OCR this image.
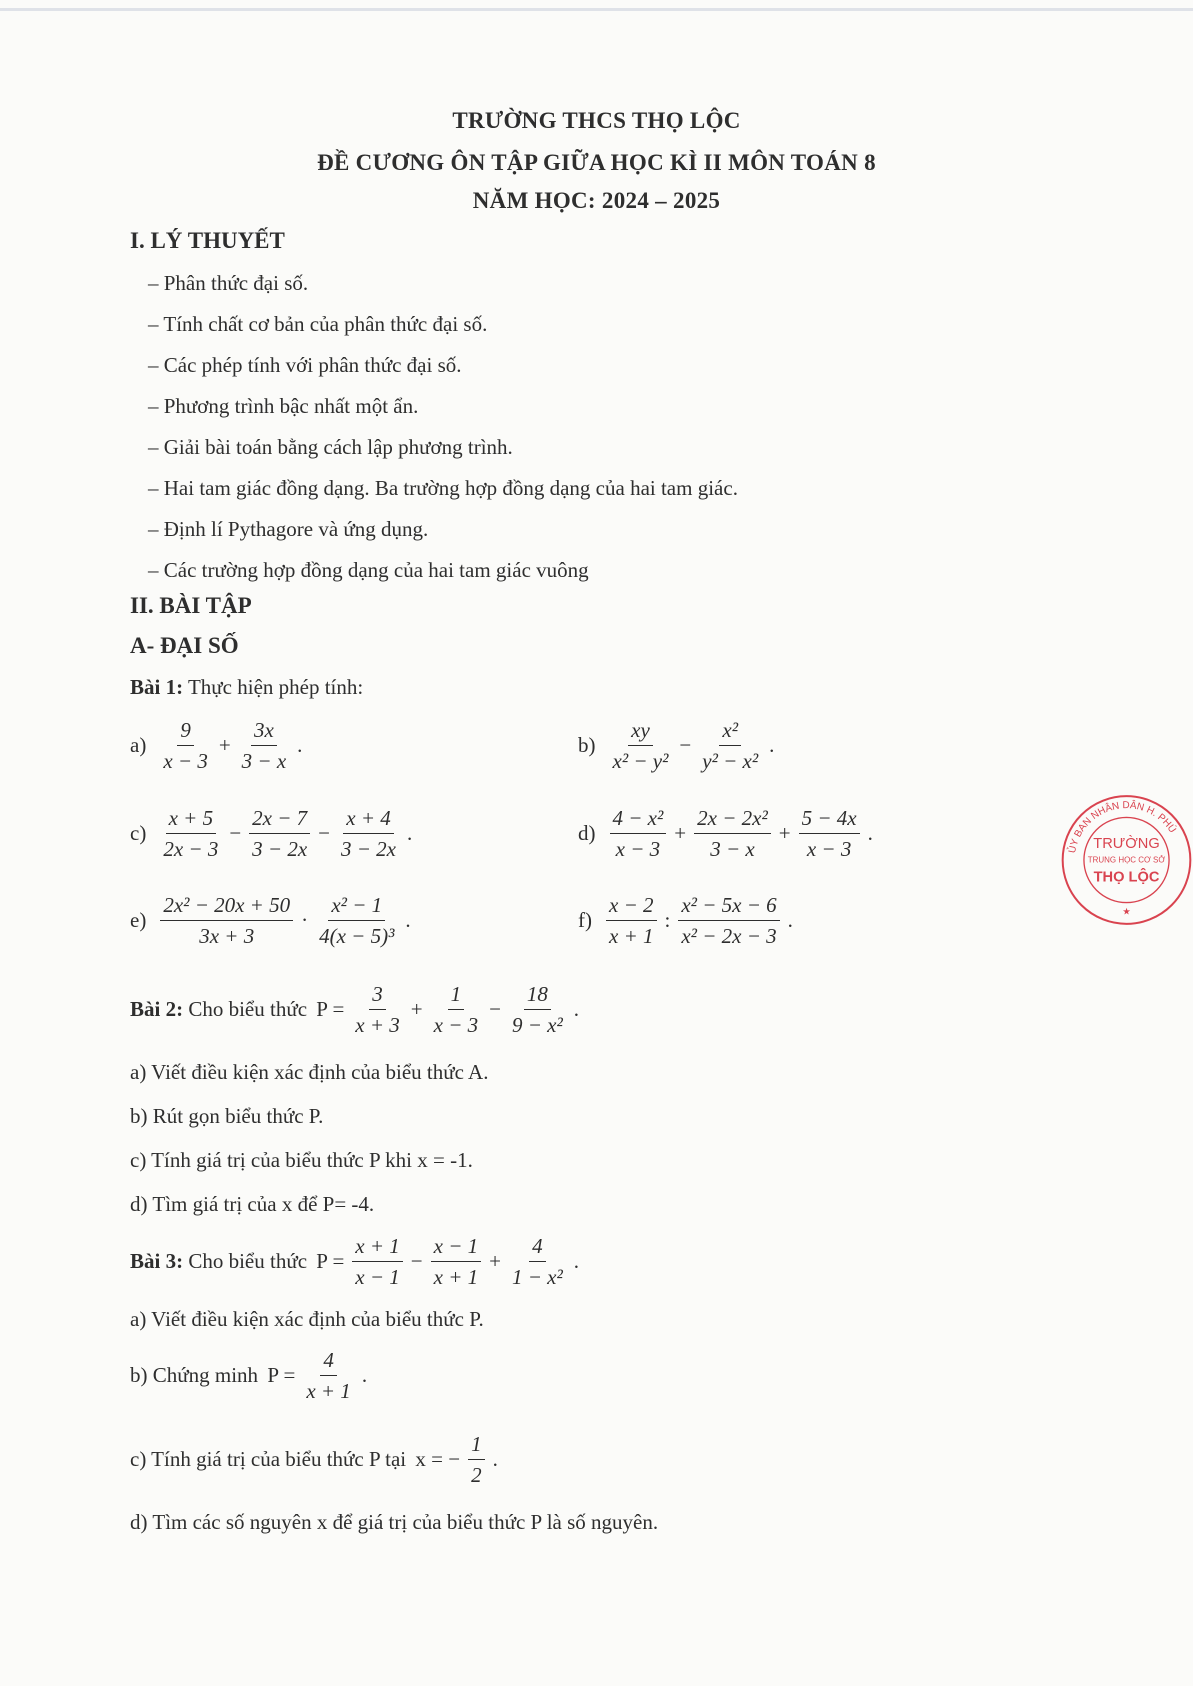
TRƯỜNG THCS THỌ LỘC
ĐỀ CƯƠNG ÔN TẬP GIỮA HỌC KÌ II MÔN TOÁN 8
NĂM HỌC: 2024 – 2025
I. LÝ THUYẾT
– Phân thức đại số.
– Tính chất cơ bản của phân thức đại số.
– Các phép tính với phân thức đại số.
– Phương trình bậc nhất một ẩn.
– Giải bài toán bằng cách lập phương trình.
– Hai tam giác đồng dạng. Ba trường hợp đồng dạng của hai tam giác.
– Định lí Pythagore và ứng dụng.
– Các trường hợp đồng dạng của hai tam giác vuông
II. BÀI TẬP
A- ĐẠI SỐ
Bài 1: Thực hiện phép tính:
$a) \frac{9}{x - 3} + \frac{3x}{3 - x}$ .	$b) \frac{xy}{\text{x² − y²}} - \frac{\text{x²}}{\text{y² − x²}}$ .
$c) \frac{x + 5}{2x - 3} - \frac{2x - 7}{3 - 2x} - \frac{x + 4}{3 - 2x}$ .	$d) \frac{\text{4 − x²}}{x - 3} + \frac{\text{2x − 2x²}}{3 - x} + \frac{5 - 4x}{x - 3}$ .
$e) \frac{\text{2x² − 20x + 50}}{3x + 3} \cdot \frac{\text{x² − 1}}{\text{4(x − 5)³}}$ .	$f) \frac{x - 2}{x + 1}$ : $\frac{\text{x² − 5x − 6}}{\text{x² − 2x − 3}}$ .
Bài 2: Cho biểu thức $P = \frac{3}{x + 3} + \frac{1}{x - 3} - \frac{18}{\text{9 − x²}}$ .
a) Viết điều kiện xác định của biểu thức A.
b) Rút gọn biểu thức P.
c) Tính giá trị của biểu thức P khi x = -1.
d) Tìm giá trị của x để P= -4.
Bài 3: Cho biểu thức $P = \frac{x + 1}{x - 1} - \frac{x - 1}{x + 1} + \frac{4}{\text{1 − x²}}$ .
a) Viết điều kiện xác định của biểu thức P.
b) Chứng minh $P = \frac{4}{x + 1}$ .
c) Tính giá trị của biểu thức P tại x = − $\frac{1}{2}$ .
d) Tìm các số nguyên x để giá trị của biểu thức P là số nguyên.
ỦY BAN NHÂN DÂN H. PHÚ
TRƯỜNG
TRUNG HỌC CƠ SỞ
THỌ LỘC
★
